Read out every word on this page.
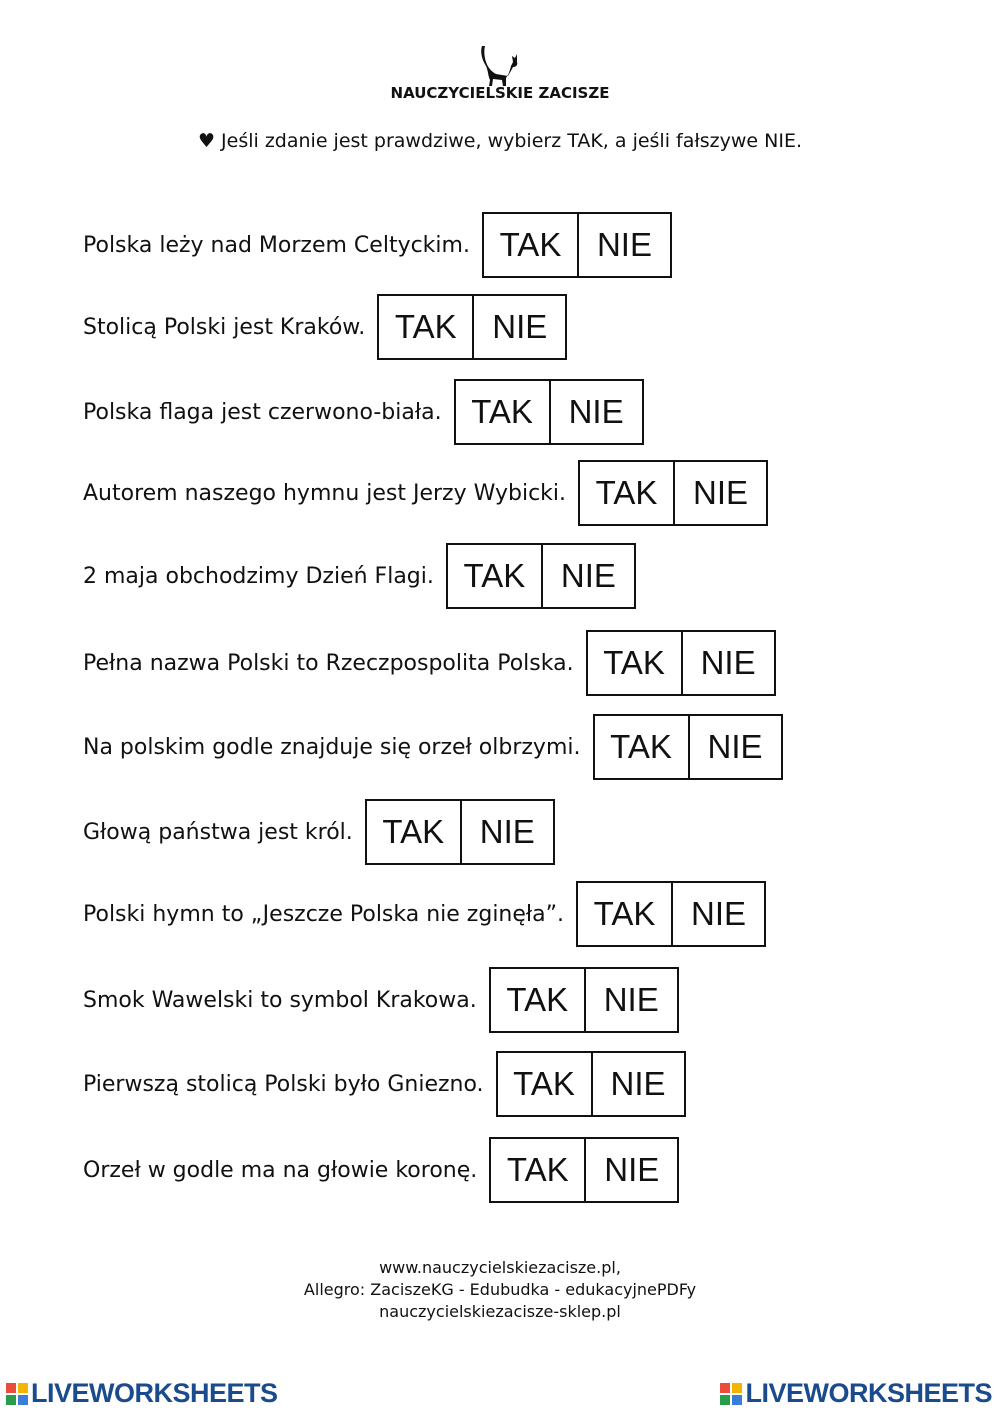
NAUCZYCIELSKIE ZACISZE
♥ Jeśli zdanie jest prawdziwe, wybierz TAK, a jeśli fałszywe NIE.
Polska leży nad Morzem Celtyckim. TAK	NIE
Stolicą Polski jest Kraków. TAK	NIE
Polska flaga jest czerwono-biała. TAK	NIE
Autorem naszego hymnu jest Jerzy Wybicki. TAK	NIE
2 maja obchodzimy Dzień Flagi. TAK	NIE
Pełna nazwa Polski to Rzeczpospolita Polska. TAK	NIE
Na polskim godle znajduje się orzeł olbrzymi. TAK	NIE
Głową państwa jest król. TAK	NIE
Polski hymn to „Jeszcze Polska nie zginęła”. TAK	NIE
Smok Wawelski to symbol Krakowa. TAK	NIE
Pierwszą stolicą Polski było Gniezno. TAK	NIE
Orzeł w godle ma na głowie koronę. TAK	NIE
www.nauczycielskiezacisze.pl,
Allegro: ZaciszeKG - Edubudka - edukacyjnePDFy
nauczycielskiezacisze-sklep.pl
LIVEWORKSHEETS	LIVEWORKSHEETS
